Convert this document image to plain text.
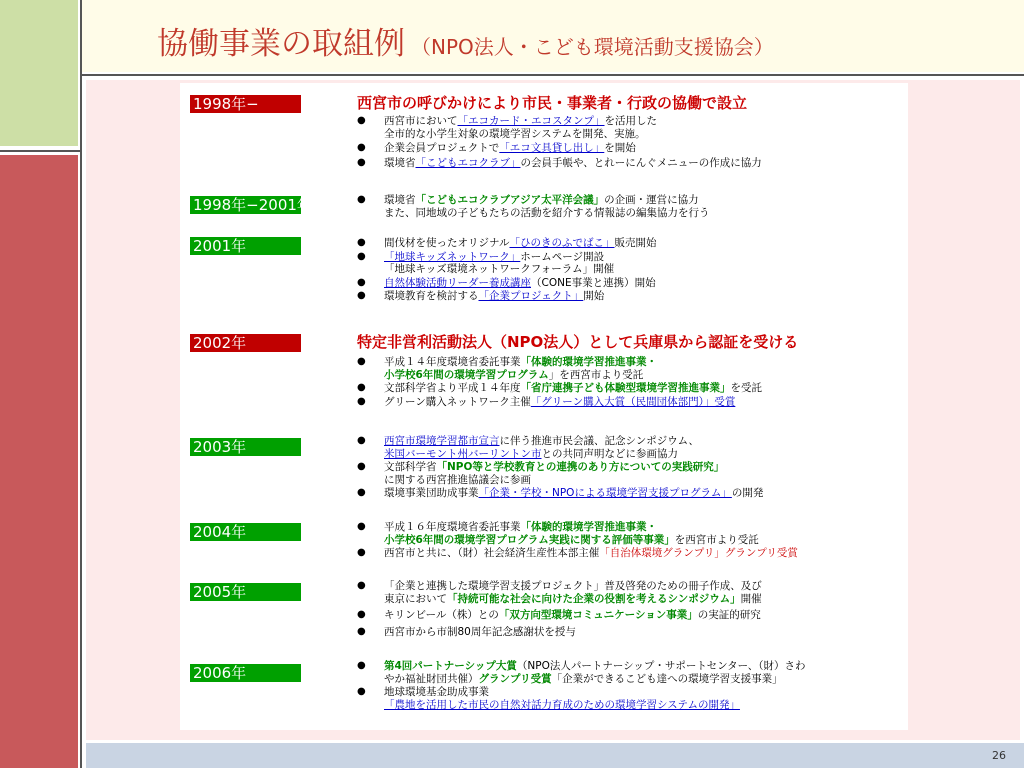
協働事業の取組例 （NPO法人・こども環境活動支援協会）
26
1998年−	西宮市の呼びかけにより市民・事業者・行政の協働で設立
● 西宮市において「エコカード・エコスタンプ」を活用した
全市的な小学生対象の環境学習システムを開発、実施。
● 企業会員プロジェクトで「エコ文具貸し出し」を開始
● 環境省「こどもエコクラブ」の会員手帳や、とれーにんぐメニューの作成に協力
1998年−2001年	● 環境省「こどもエコクラブアジア太平洋会議」の企画・運営に協力
また、同地域の子どもたちの活動を紹介する情報誌の編集協力を行う
2001年	● 間伐材を使ったオリジナル「ひのきのふでばこ」販売開始
● 「地球キッズネットワーク」ホームページ開設
「地球キッズ環境ネットワークフォーラム」開催
● 自然体験活動リーダー養成講座（CONE事業と連携）開始
● 環境教育を検討する「企業プロジェクト」開始
2002年	特定非営利活動法人（NPO法人）として兵庫県から認証を受ける
● 平成１４年度環境省委託事業「体験的環境学習推進事業・
小学校6年間の環境学習プログラム」を西宮市より受託
● 文部科学省より平成１４年度「省庁連携子ども体験型環境学習推進事業」を受託
● グリーン購入ネットワーク主催「グリーン購入大賞（民間団体部門）」受賞
2003年	● 西宮市環境学習都市宣言に伴う推進市民会議、記念シンポジウム、
米国バーモント州バーリントン市との共同声明などに参画協力
● 文部科学省「NPO等と学校教育との連携のあり方についての実践研究」
に関する西宮推進協議会に参画
● 環境事業団助成事業「企業・学校・NPOによる環境学習支援プログラム」の開発
2004年	● 平成１６年度環境省委託事業「体験的環境学習推進事業・
小学校6年間の環境学習プログラム実践に関する評価等事業」を西宮市より受託
● 西宮市と共に、（財）社会経済生産性本部主催「自治体環境グランプリ」グランプリ受賞
2005年	● 「企業と連携した環境学習支援プロジェクト」普及啓発のための冊子作成、及び
東京において「持続可能な社会に向けた企業の役割を考えるシンポジウム」開催
● キリンビール（株）との「双方向型環境コミュニケーション事業」の実証的研究
● 西宮市から市制80周年記念感謝状を授与
2006年	● 第4回パートナーシップ大賞（NPO法人パートナーシップ・サポートセンター、（財）さわ
やか福祉財団共催）グランプリ受賞「企業ができるこども達への環境学習支援事業」
● 地球環境基金助成事業
「農地を活用した市民の自然対話力育成のための環境学習システムの開発」
